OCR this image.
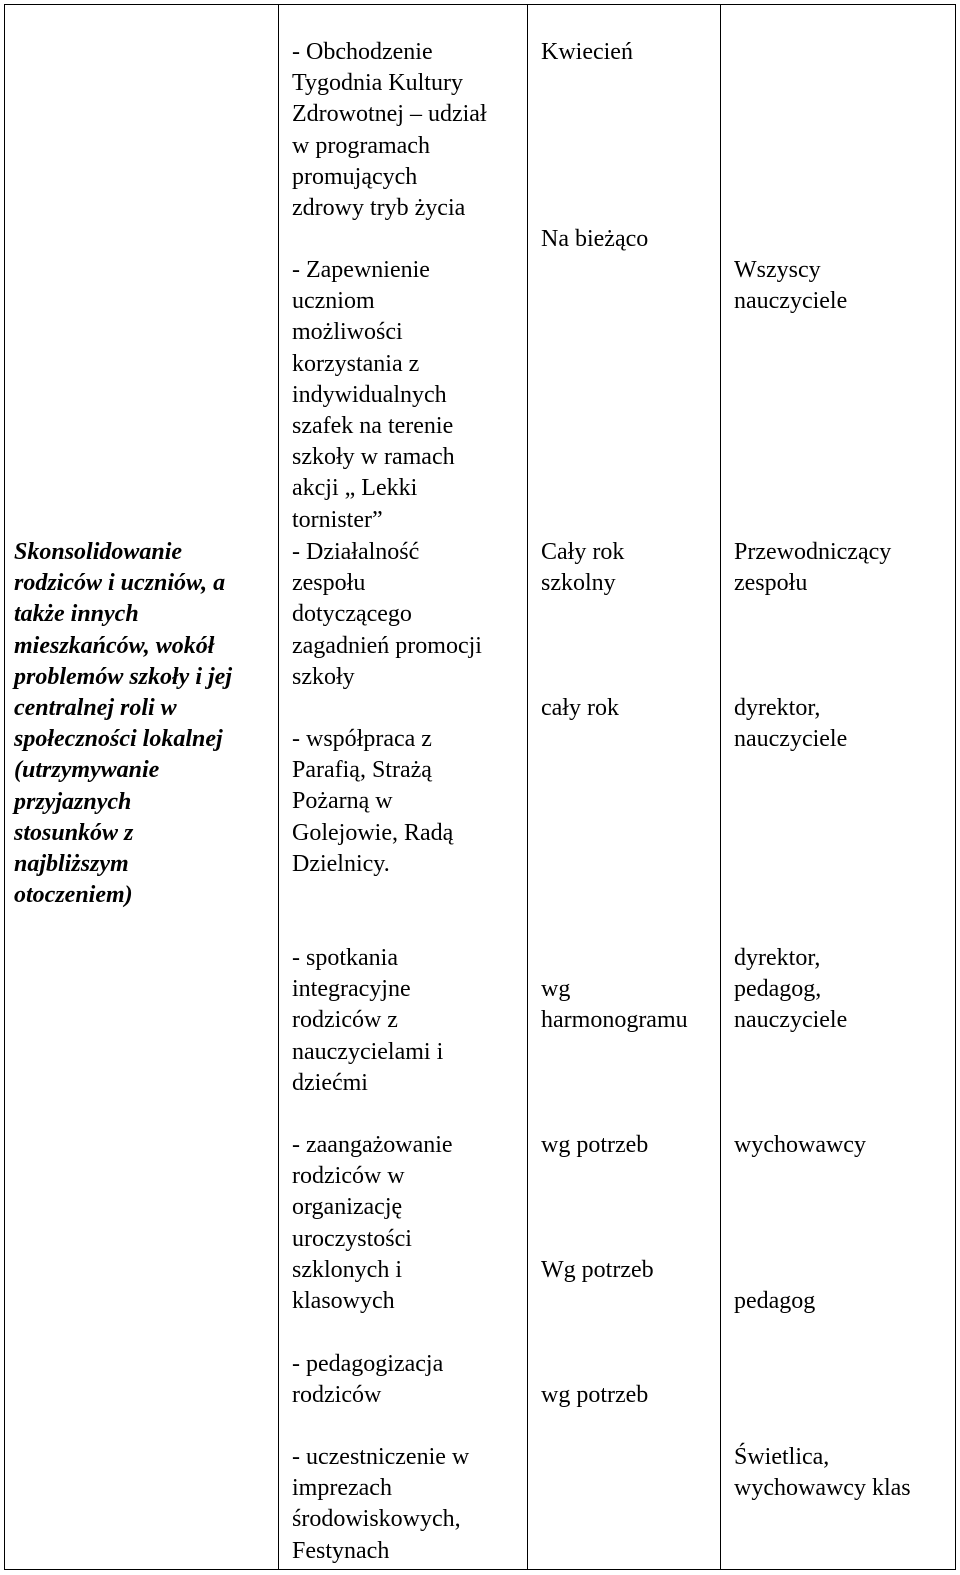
Skonsolidowanie
rodziców i uczniów, a
także innych
mieszkańców, wokół
problemów szkoły i jej
centralnej roli w
społeczności lokalnej
(utrzymywanie
przyjaznych
stosunków z
najbliższym
otoczeniem)
- Obchodzenie
Tygodnia Kultury
Zdrowotnej – udział
w programach
promujących
zdrowy tryb życia
- Zapewnienie
uczniom
możliwości
korzystania z
indywidualnych
szafek na terenie
szkoły w ramach
akcji „ Lekki
tornister”
- Działalność
zespołu
dotyczącego
zagadnień promocji
szkoły
- współpraca z
Parafią, Strażą
Pożarną w
Golejowie, Radą
Dzielnicy.
- spotkania
integracyjne
rodziców z
nauczycielami i
dziećmi
- zaangażowanie
rodziców w
organizację
uroczystości
szklonych i
klasowych
- pedagogizacja
rodziców
- uczestniczenie w
imprezach
środowiskowych,
Festynach
Kwiecień
Na bieżąco
Cały rok
szkolny
cały rok
wg
harmonogramu
wg potrzeb
Wg potrzeb
wg potrzeb
Wszyscy
nauczyciele
Przewodniczący
zespołu
dyrektor,
nauczyciele
dyrektor,
pedagog,
nauczyciele
wychowawcy
pedagog
Świetlica,
wychowawcy klas
